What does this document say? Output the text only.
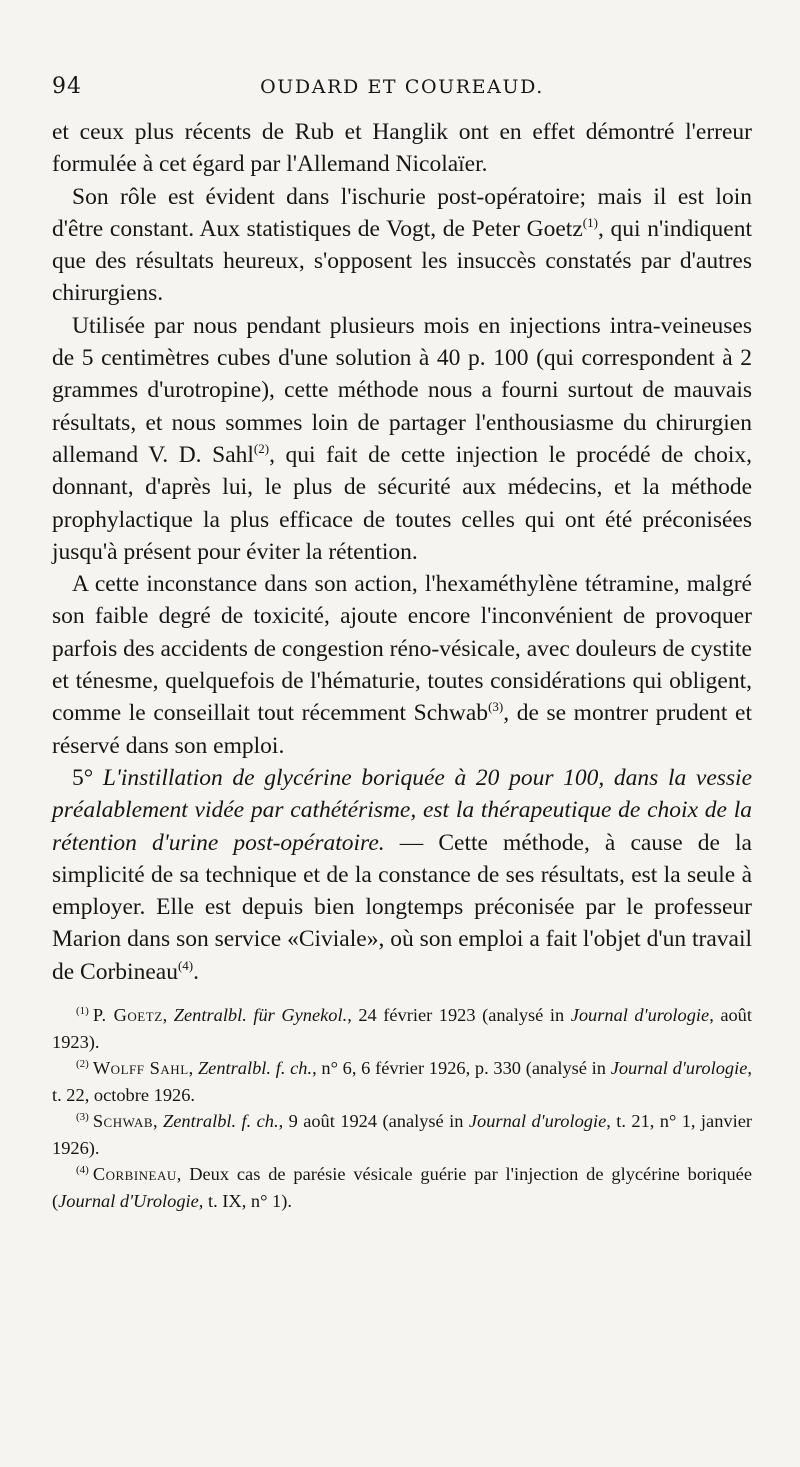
94	OUDARD ET COUREAUD.

et ceux plus récents de Rub et Hanglik ont en effet démontré l'erreur formulée à cet égard par l'Allemand Nicolaïer.

Son rôle est évident dans l'ischurie post-opératoire; mais il est loin d'être constant. Aux statistiques de Vogt, de Peter Goetz$^{(1)}$, qui n'indiquent que des résultats heureux, s'opposent les insuccès constatés par d'autres chirurgiens.

Utilisée par nous pendant plusieurs mois en injections intra-veineuses de 5 centimètres cubes d'une solution à 40 p. 100 (qui correspondent à 2 grammes d'urotropine), cette méthode nous a fourni surtout de mauvais résultats, et nous sommes loin de partager l'enthousiasme du chirurgien allemand V. D. Sahl$^{(2)}$, qui fait de cette injection le procédé de choix, donnant, d'après lui, le plus de sécurité aux médecins, et la méthode prophylactique la plus efficace de toutes celles qui ont été préconisées jusqu'à présent pour éviter la rétention.

A cette inconstance dans son action, l'hexaméthylène tétramine, malgré son faible degré de toxicité, ajoute encore l'inconvénient de provoquer parfois des accidents de congestion réno-vésicale, avec douleurs de cystite et ténesme, quelquefois de l'hématurie, toutes considérations qui obligent, comme le conseillait tout récemment Schwab$^{(3)}$, de se montrer prudent et réservé dans son emploi.

5° L'instillation de glycérine boriquée à 20 pour 100, dans la vessie préalablement vidée par cathétérisme, est la thérapeutique de choix de la rétention d'urine post-opératoire. — Cette méthode, à cause de la simplicité de sa technique et de la constance de ses résultats, est la seule à employer. Elle est depuis bien longtemps préconisée par le professeur Marion dans son service «Civiale», où son emploi a fait l'objet d'un travail de Corbineau$^{(4)}$.

$^{(1)}$ P. Goetz, Zentralbl. für Gynekol., 24 février 1923 (analysé in Journal d'urologie, août 1923).

$^{(2)}$ Wolff Sahl, Zentralbl. f. ch., n° 6, 6 février 1926, p. 330 (analysé in Journal d'urologie, t. 22, octobre 1926.

$^{(3)}$ Schwab, Zentralbl. f. ch., 9 août 1924 (analysé in Journal d'urologie, t. 21, n° 1, janvier 1926).

$^{(4)}$ Corbineau, Deux cas de parésie vésicale guérie par l'injection de glycérine boriquée (Journal d'Urologie, t. IX, n° 1).
